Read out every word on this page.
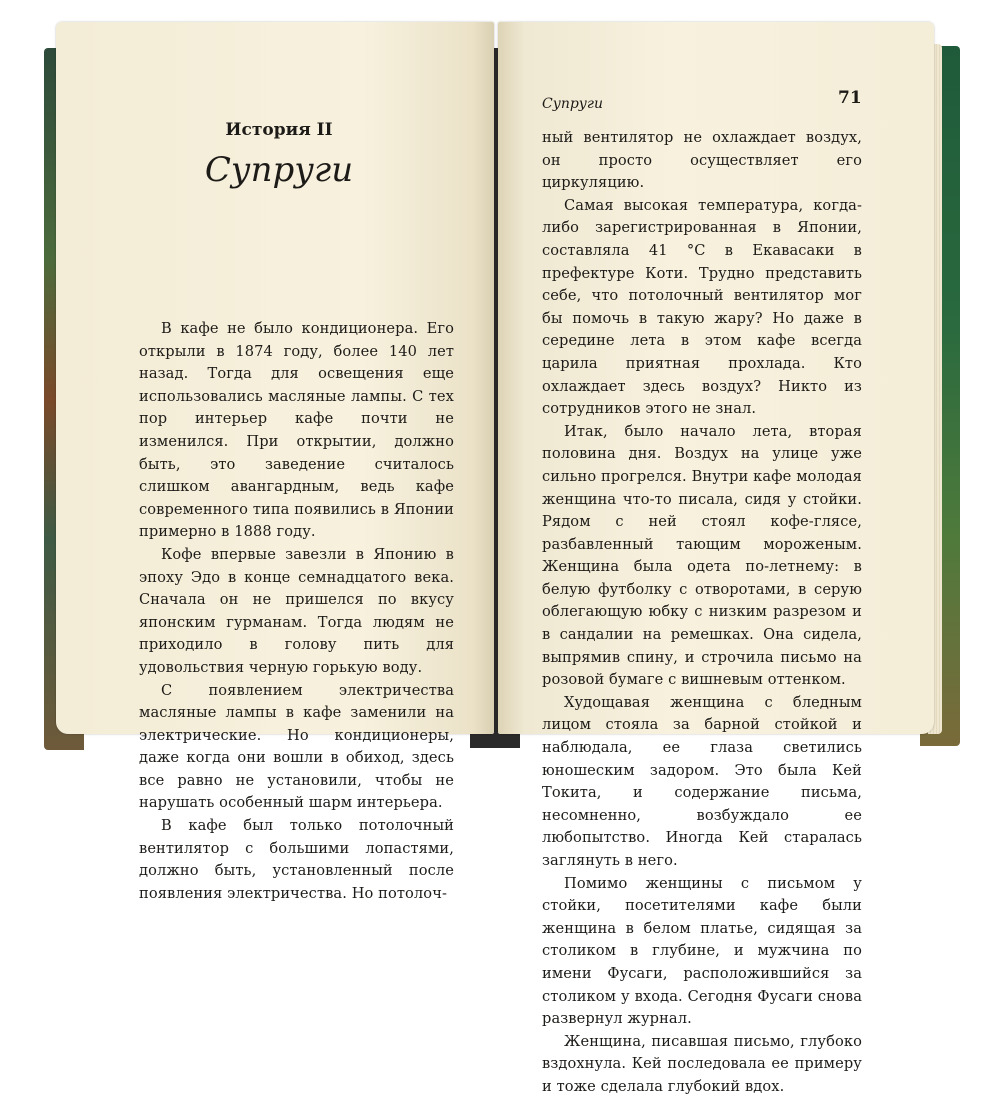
История II
Супруги

В кафе не было кондиционера. Его открыли в 1874 году, более 140 лет назад. Тогда для освещения еще использовались масляные лампы. С тех пор интерьер кафе почти не изменился. При открытии, должно быть, это заведение считалось слишком авангардным, ведь кафе современного типа появились в Японии примерно в 1888 году.

Кофе впервые завезли в Японию в эпоху Эдо в конце семнадцатого века. Сначала он не пришелся по вкусу японским гурманам. Тогда людям не приходило в голову пить для удовольствия черную горькую воду.

С появлением электричества масляные лампы в кафе заменили на электрические. Но кондиционеры, даже когда они вошли в обиход, здесь все равно не установили, чтобы не нарушать особенный шарм интерьера.

В кафе был только потолочный вентилятор с большими лопастями, должно быть, установленный после появления электричества. Но потолоч-

Супруги	71

ный вентилятор не охлаждает воздух, он просто осуществляет его циркуляцию.

Самая высокая температура, когда-либо зарегистрированная в Японии, составляла 41 °C в Екавасаки в префектуре Коти. Трудно представить себе, что потолочный вентилятор мог бы помочь в такую жару? Но даже в середине лета в этом кафе всегда царила приятная прохлада. Кто охлаждает здесь воздух? Никто из сотрудников этого не знал.

Итак, было начало лета, вторая половина дня. Воздух на улице уже сильно прогрелся. Внутри кафе молодая женщина что-то писала, сидя у стойки. Рядом с ней стоял кофе-глясе, разбавленный тающим мороженым. Женщина была одета по-летнему: в белую футболку с отворотами, в серую облегающую юбку с низким разрезом и в сандалии на ремешках. Она сидела, выпрямив спину, и строчила письмо на розовой бумаге с вишневым оттенком.

Худощавая женщина с бледным лицом стояла за барной стойкой и наблюдала, ее глаза светились юношеским задором. Это была Кей Токита, и содержание письма, несомненно, возбуждало ее любопытство. Иногда Кей старалась заглянуть в него.

Помимо женщины с письмом у стойки, посетителями кафе были женщина в белом платье, сидящая за столиком в глубине, и мужчина по имени Фусаги, расположившийся за столиком у входа. Сегодня Фусаги снова развернул журнал.

Женщина, писавшая письмо, глубоко вздохнула. Кей последовала ее примеру и тоже сделала глубокий вдох.
